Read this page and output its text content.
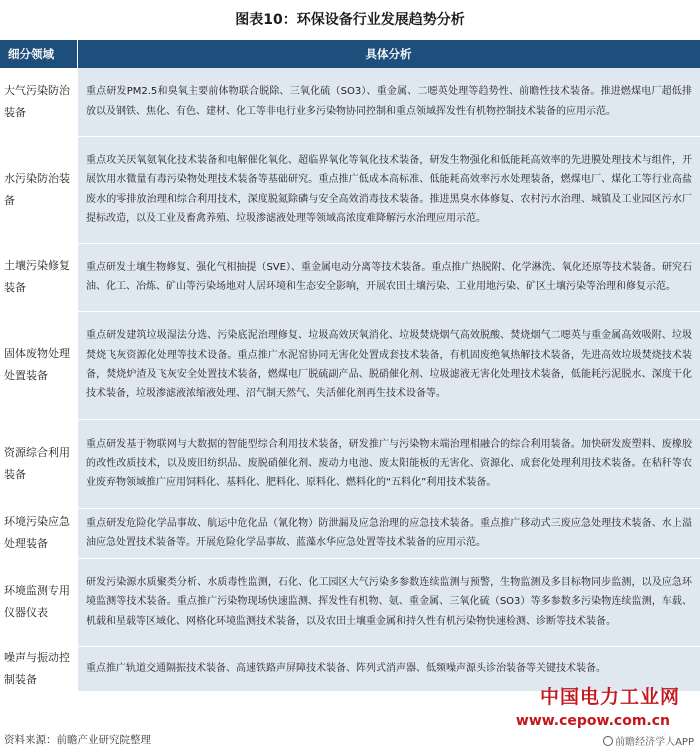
图表10：环保设备行业发展趋势分析
细分领域	具体分析
大气污染防治装备	重点研发PM2.5和臭氧主要前体物联合脱除、三氧化硫（SO3）、重金属、二噁英处理等趋势性、前瞻性技术装备。推进燃煤电厂超低排放以及钢铁、焦化、有色、建材、化工等非电行业多污染物协同控制和重点领域挥发性有机物控制技术装备的应用示范。
水污染防治装备	重点攻关厌氧氨氧化技术装备和电解催化氧化、超临界氧化等氧化技术装备，研发生物强化和低能耗高效率的先进膜处理技术与组件，开展饮用水微量有毒污染物处理技术装备等基础研究。重点推广低成本高标准、低能耗高效率污水处理装备，燃煤电厂、煤化工等行业高盐废水的零排放治理和综合利用技术，深度脱氮除磷与安全高效消毒技术装备。推进黑臭水体修复、农村污水治理、城镇及工业园区污水厂提标改造，以及工业及畜禽养殖、垃圾渗滤液处理等领域高浓度难降解污水治理应用示范。
土壤污染修复装备	重点研发土壤生物修复、强化气相抽提（SVE）、重金属电动分离等技术装备。重点推广热脱附、化学淋洗、氧化还原等技术装备。研究石油、化工、冶炼、矿山等污染场地对人居环境和生态安全影响，开展农田土壤污染、工业用地污染、矿区土壤污染等治理和修复示范。
固体废物处理处置装备	重点研发建筑垃圾湿法分选、污染底泥治理修复、垃圾高效厌氧消化、垃圾焚烧烟气高效脱酸、焚烧烟气二噁英与重金属高效吸附、垃圾焚烧飞灰资源化处理等技术设备。重点推广水泥窑协同无害化处置成套技术装备，有机固废绝氧热解技术装备，先进高效垃圾焚烧技术装备，焚烧炉渣及飞灰安全处置技术装备，燃煤电厂脱硫副产品、脱硝催化剂、垃圾滤液无害化处理技术装备，低能耗污泥脱水、深度干化技术装备，垃圾渗滤液浓缩液处理、沼气制天然气、失活催化剂再生技术设备等。
资源综合利用装备	重点研发基于物联网与大数据的智能型综合利用技术装备，研发推广与污染物末端治理相融合的综合利用装备。加快研发废塑料、废橡胶的改性改质技术，以及废旧纺织品、废脱硝催化剂、废动力电池、废太阳能板的无害化、资源化、成套化处理利用技术装备。在秸秆等农业废弃物领域推广应用饲料化、基料化、肥料化、原料化、燃料化的“五料化”利用技术装备。
环境污染应急处理装备	重点研发危险化学品事故、航运中危化品（氰化物）防泄漏及应急治理的应急技术装备。重点推广移动式三废应急处理技术装备、水上溢油应急处置技术装备等。开展危险化学品事故、蓝藻水华应急处置等技术装备的应用示范。
环境监测专用仪器仪表	研发污染源水质聚类分析、水质毒性监测，石化、化工园区大气污染多参数连续监测与预警，生物监测及多目标物同步监测，以及应急环境监测等技术装备。重点推广污染物现场快速监测、挥发性有机物、氨、重金属、三氧化硫（SO3）等多参数多污染物连续监测，车载、机载和星载等区域化、网格化环境监测技术装备，以及农田土壤重金属和持久性有机污染物快速检测、诊断等技术装备。
噪声与振动控制装备	重点推广轨道交通隔振技术装备、高速铁路声屏障技术装备、阵列式消声器、低频噪声源头诊治装备等关键技术装备。
资料来源：前瞻产业研究院整理
中国电力工业网
www.cepow.com.cn
前瞻经济学人APP
